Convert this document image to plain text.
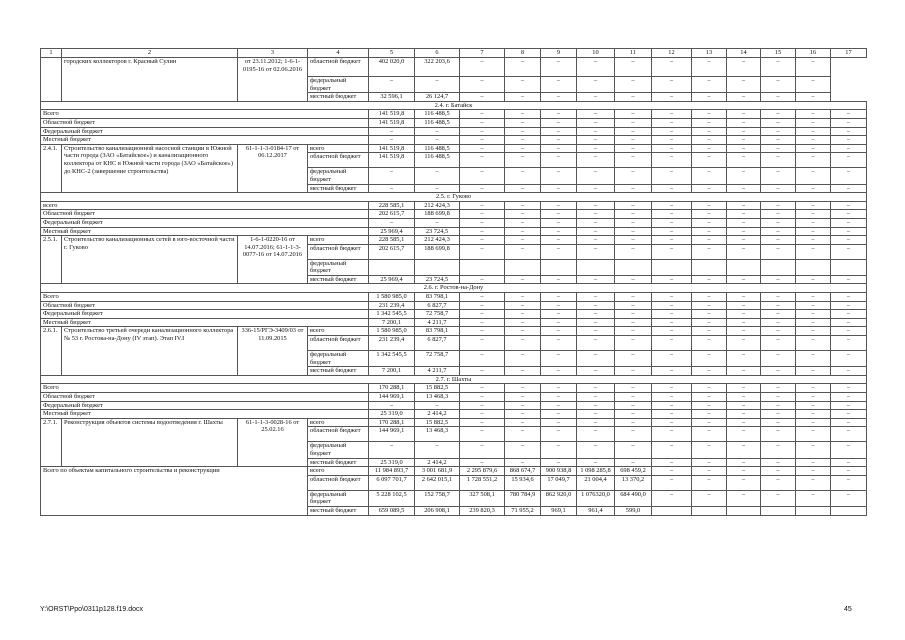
1	2	3	4	5	6	7	8	9	10	11	12	13	14	15	16	17
	городских коллекторов г. Красный Сулин	от 23.11.2012; 1-6-1-0195-16 от 02.06.2016	областной бюджет	402 020,0	322 203,6	–	–	–	–	–	–	–	–	–	–	
			федеральный бюджет	–	–	–	–	–	–	–	–	–	–	–	–	
			местный бюджет	32 596,1	26 124,7	–	–	–	–	–	–	–	–	–	–	
2.4. г. Батайск																
Всего				141 519,8	116 488,5	–	–	–	–	–	–	–	–	–	–	–
Областной бюджет				141 519,8	116 488,5	–	–	–	–	–	–	–	–	–	–	–
Федеральный бюджет				–	–	–	–	–	–	–	–	–	–	–	–	–
Местный бюджет				–	–	–	–	–	–	–	–	–	–	–	–	–
2.4.1.	Строительство канализационной насосной станции в Южной части города (ЗАО «Батайское») и канализационного коллектора от КНС в Южной части города (ЗАО «Батайское») до КНС-2 (завершение строительства)	61-1-1-3-0184-17 от 06.12.2017	всего	141 519,8	116 488,5	–	–	–	–	–	–	–	–	–	–	–
			областной бюджет	141 519,8	116 488,5	–	–	–	–	–	–	–	–	–	–	–
			федеральный бюджет	–	–	–	–	–	–	–	–	–	–	–	–	–
			местный бюджет	–	–	–	–	–	–	–	–	–	–	–	–	–
2.5. г. Гуково																
всего				228 585,1	212 424,3	–	–	–	–	–	–	–	–	–	–	–
Областной бюджет				202 615,7	188 699,8	–	–	–	–	–	–	–	–	–	–	–
Федеральный бюджет				–	–	–	–	–	–	–	–	–	–	–	–	–
Местный бюджет				25 969,4	23 724,5	–	–	–	–	–	–	–	–	–	–	–
2.5.1.	Строительство канализационных сетей в юго-восточной части г. Гуково	1-6-1-0220-16 от 14.07.2016; 61-1-1-3-0077-16 от 14.07.2016	всего	228 585,1	212 424,3	–	–	–	–	–	–	–	–	–	–	–
			областной бюджет	202 615,7	188 699,8	–	–	–	–	–	–	–	–	–	–	–
			федеральный бюджет													
			местный бюджет	25 969,4	23 724,5	–	–	–	–	–	–	–	–	–	–	–
2.6. г. Ростов-на-Дону																
Всего				1 580 985,0	83 798,1	–	–	–	–	–	–	–	–	–	–	–
Областной бюджет				231 239,4	6 827,7	–	–	–	–	–	–	–	–	–	–	–
Федеральный бюджет				1 342 545,5	72 758,7	–	–	–	–	–	–	–	–	–	–	–
Местный бюджет				7 200,1	4 211,7	–	–	–	–	–	–	–	–	–	–	–
2.6.1.	Строительство третьей очереди канализационного коллектора № 53 г. Ростова-на-Дону (IV этап). Этап IV.I	336-15/РГЭ-3409/03 от 11.09.2015	всего	1 580 985,0	83 798,1	–	–	–	–	–	–	–	–	–	–	–
			областной бюджет	231 239,4	6 827,7	–	–	–	–	–	–	–	–	–	–	–
			федеральный бюджет	1 342 545,5	72 758,7	–	–	–	–	–	–	–	–	–	–	–
			местный бюджет	7 200,1	4 211,7	–	–	–	–	–	–	–	–	–	–	–
2.7. г. Шахты																
Всего				170 288,1	15 882,5	–	–	–	–	–	–	–	–	–	–	–
Областной бюджет				144 969,1	13 468,3	–	–	–	–	–	–	–	–	–	–	–
Федеральный бюджет				–	–	–	–	–	–	–	–	–	–	–	–	–
Местный бюджет				25 319,0	2 414,2	–	–	–	–	–	–	–	–	–	–	–
2.7.1.	Реконструкция объектов системы водоотведения г. Шахты	61-1-1-3-0028-16 от 25.02.16	всего	170 288,1	15 882,5	–	–	–	–	–	–	–	–	–	–	–
			областной бюджет	144 969,1	13 468,3	–	–	–	–	–	–	–	–	–	–	–
			федеральный бюджет	–	–	–	–	–	–	–	–	–	–	–	–	–
			местный бюджет	25 319,0	2 414,2	–	–	–	–	–	–	–	–	–	–	–
Всего по объектам капитального строительства и реконструкции			всего	11 984 893,7	3 001 681,9	2 295 879,6	868 674,7	900 938,8	1 098 285,8	698 459,2	–	–	–	–	–	–
			областной бюджет	6 097 701,7	2 642 015,1	1 728 551,2	15 934,6	17 049,7	21 004,4	13 370,2	–	–	–	–	–	–
			федеральный бюджет	5 228 102,5	152 758,7	327 508,1	780 784,9	862 920,0	1 076320,0	684 490,0	–	–	–	–	–	–
			местный бюджет	659 089,5	206 908,1	239 820,3	71 955,2	969,1	961,4	599,0						
Y:\ORST\Ppo\0311p128.f19.docx	45
